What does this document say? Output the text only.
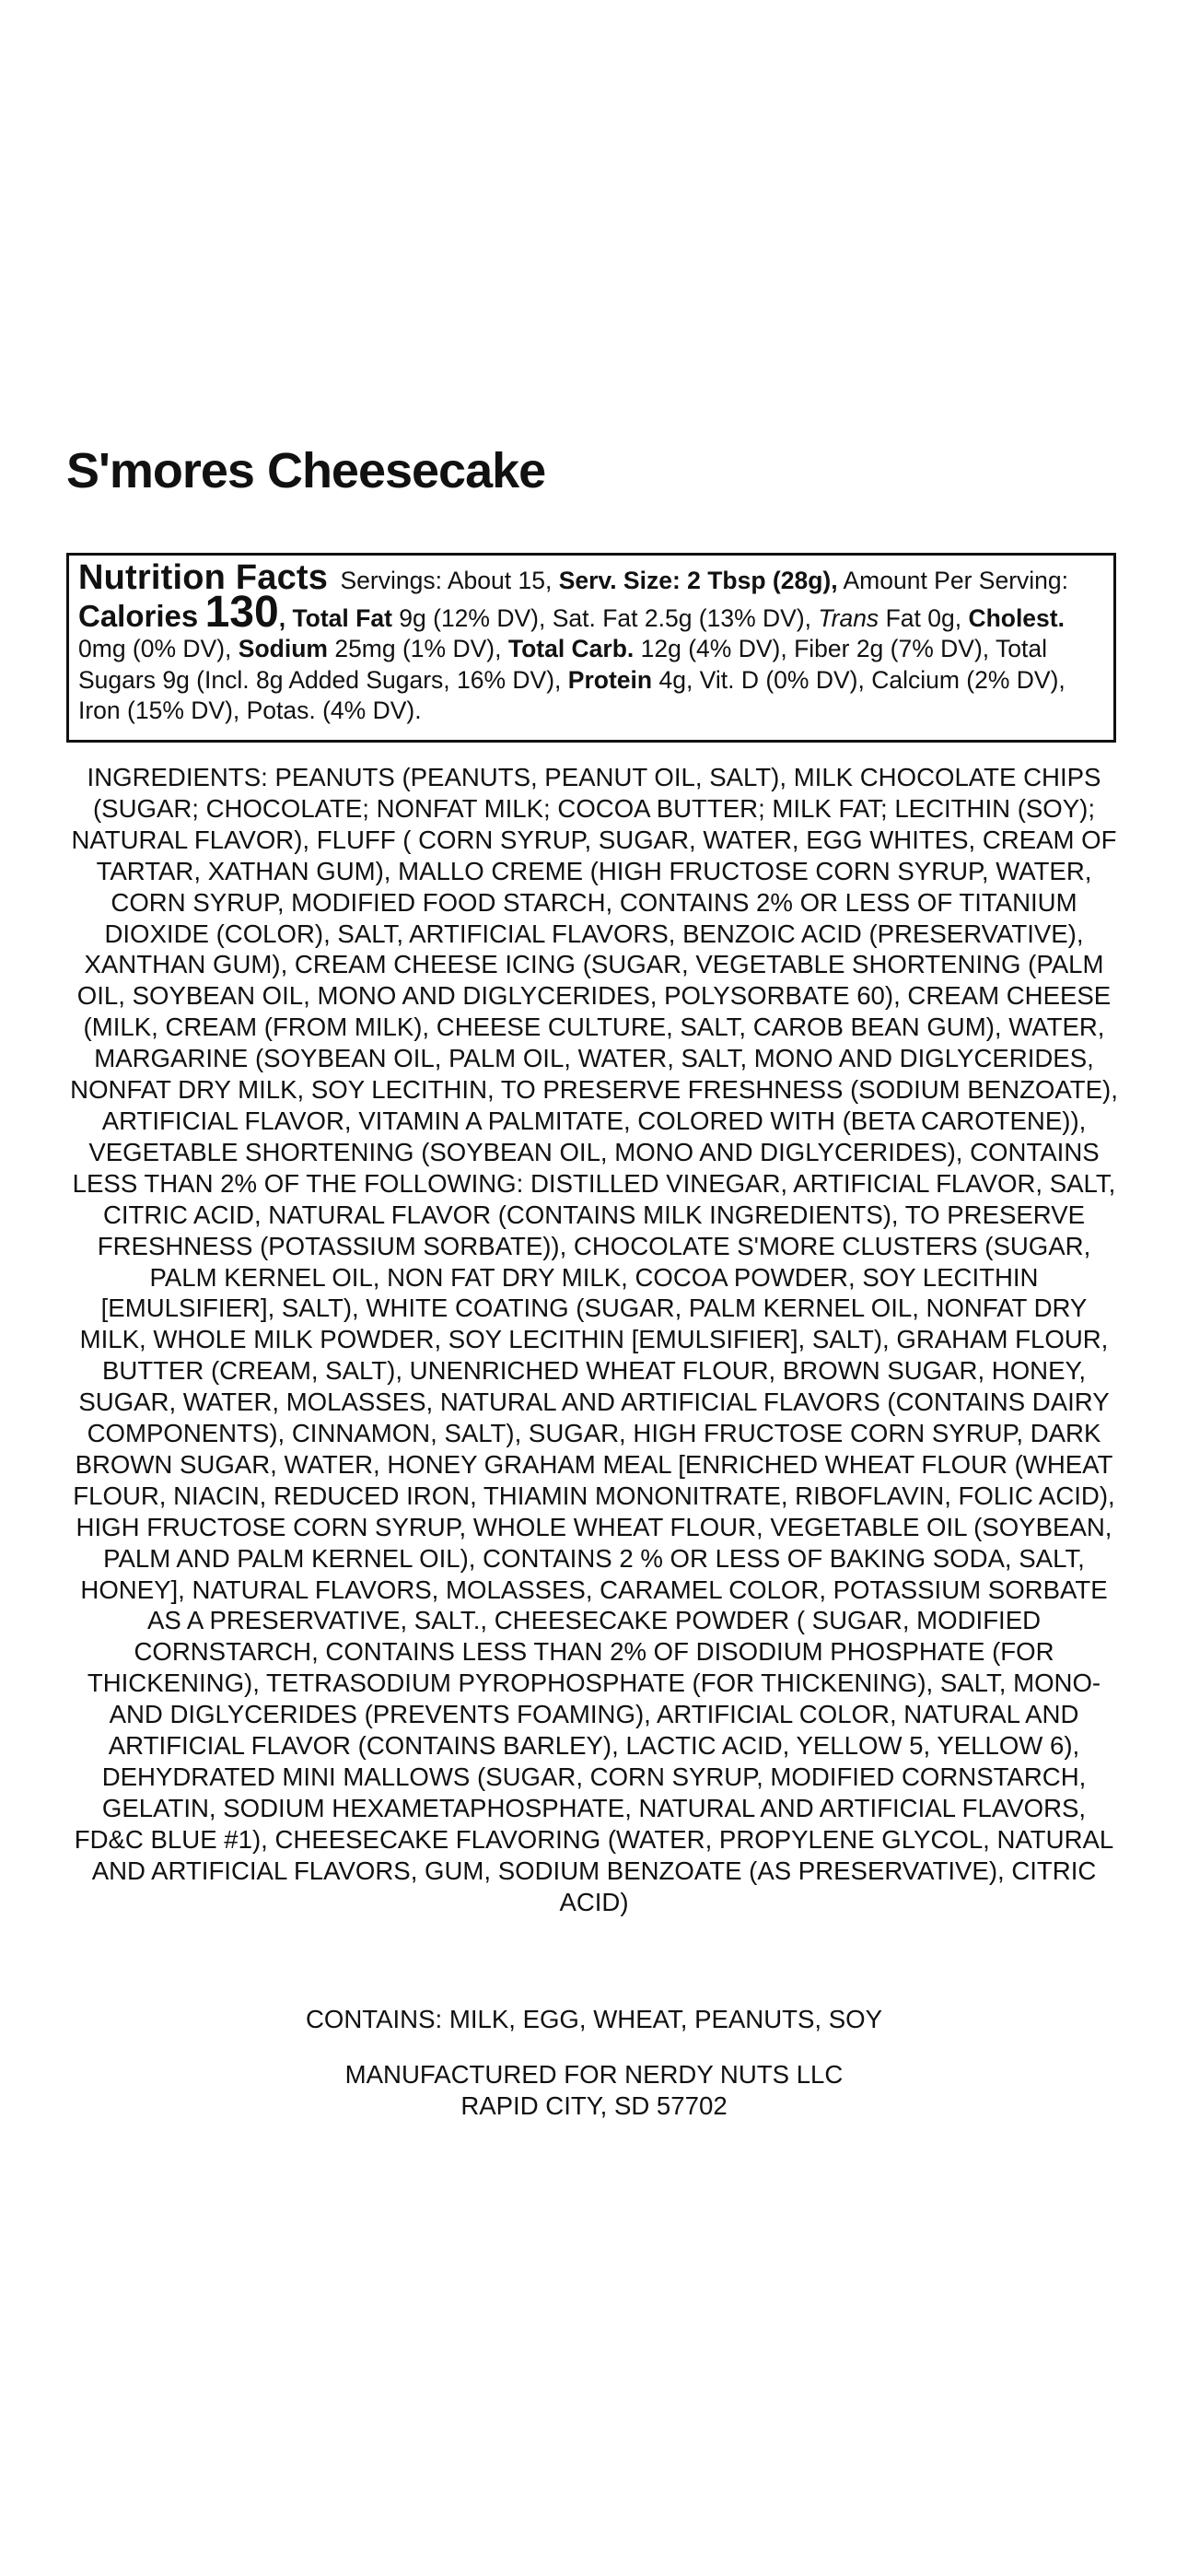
S'mores Cheesecake
Nutrition Facts Servings: About 15, Serv. Size: 2 Tbsp (28g), Amount Per Serving: Calories 130, Total Fat 9g (12% DV), Sat. Fat 2.5g (13% DV), Trans Fat 0g, Cholest. 0mg (0% DV), Sodium 25mg (1% DV), Total Carb. 12g (4% DV), Fiber 2g (7% DV), Total Sugars 9g (Incl. 8g Added Sugars, 16% DV), Protein 4g, Vit. D (0% DV), Calcium (2% DV), Iron (15% DV), Potas. (4% DV).

INGREDIENTS: PEANUTS (PEANUTS, PEANUT OIL, SALT), MILK CHOCOLATE CHIPS (SUGAR; CHOCOLATE; NONFAT MILK; COCOA BUTTER; MILK FAT; LECITHIN (SOY); NATURAL FLAVOR), FLUFF ( CORN SYRUP, SUGAR, WATER, EGG WHITES, CREAM OF TARTAR, XATHAN GUM), MALLO CREME (HIGH FRUCTOSE CORN SYRUP, WATER, CORN SYRUP, MODIFIED FOOD STARCH, CONTAINS 2% OR LESS OF TITANIUM DIOXIDE (COLOR), SALT, ARTIFICIAL FLAVORS, BENZOIC ACID (PRESERVATIVE), XANTHAN GUM), CREAM CHEESE ICING (SUGAR, VEGETABLE SHORTENING (PALM OIL, SOYBEAN OIL, MONO AND DIGLYCERIDES, POLYSORBATE 60), CREAM CHEESE (MILK, CREAM (FROM MILK), CHEESE CULTURE, SALT, CAROB BEAN GUM), WATER, MARGARINE (SOYBEAN OIL, PALM OIL, WATER, SALT, MONO AND DIGLYCERIDES, NONFAT DRY MILK, SOY LECITHIN, TO PRESERVE FRESHNESS (SODIUM BENZOATE), ARTIFICIAL FLAVOR, VITAMIN A PALMITATE, COLORED WITH (BETA CAROTENE)), VEGETABLE SHORTENING (SOYBEAN OIL, MONO AND DIGLYCERIDES), CONTAINS LESS THAN 2% OF THE FOLLOWING: DISTILLED VINEGAR, ARTIFICIAL FLAVOR, SALT, CITRIC ACID, NATURAL FLAVOR (CONTAINS MILK INGREDIENTS), TO PRESERVE FRESHNESS (POTASSIUM SORBATE)), CHOCOLATE S'MORE CLUSTERS (SUGAR, PALM KERNEL OIL, NON FAT DRY MILK, COCOA POWDER, SOY LECITHIN [EMULSIFIER], SALT), WHITE COATING (SUGAR, PALM KERNEL OIL, NONFAT DRY MILK, WHOLE MILK POWDER, SOY LECITHIN [EMULSIFIER], SALT), GRAHAM FLOUR, BUTTER (CREAM, SALT), UNENRICHED WHEAT FLOUR, BROWN SUGAR, HONEY, SUGAR, WATER, MOLASSES, NATURAL AND ARTIFICIAL FLAVORS (CONTAINS DAIRY COMPONENTS), CINNAMON, SALT), SUGAR, HIGH FRUCTOSE CORN SYRUP, DARK BROWN SUGAR, WATER, HONEY GRAHAM MEAL [ENRICHED WHEAT FLOUR (WHEAT FLOUR, NIACIN, REDUCED IRON, THIAMIN MONONITRATE, RIBOFLAVIN, FOLIC ACID), HIGH FRUCTOSE CORN SYRUP, WHOLE WHEAT FLOUR, VEGETABLE OIL (SOYBEAN, PALM AND PALM KERNEL OIL), CONTAINS 2 % OR LESS OF BAKING SODA, SALT, HONEY], NATURAL FLAVORS, MOLASSES, CARAMEL COLOR, POTASSIUM SORBATE AS A PRESERVATIVE, SALT., CHEESECAKE POWDER ( SUGAR, MODIFIED CORNSTARCH, CONTAINS LESS THAN 2% OF DISODIUM PHOSPHATE (FOR THICKENING), TETRASODIUM PYROPHOSPHATE (FOR THICKENING), SALT, MONO- AND DIGLYCERIDES (PREVENTS FOAMING), ARTIFICIAL COLOR, NATURAL AND ARTIFICIAL FLAVOR (CONTAINS BARLEY), LACTIC ACID, YELLOW 5, YELLOW 6), DEHYDRATED MINI MALLOWS (SUGAR, CORN SYRUP, MODIFIED CORNSTARCH, GELATIN, SODIUM HEXAMETAPHOSPHATE, NATURAL AND ARTIFICIAL FLAVORS, FD&C BLUE #1), CHEESECAKE FLAVORING (WATER, PROPYLENE GLYCOL, NATURAL AND ARTIFICIAL FLAVORS, GUM, SODIUM BENZOATE (AS PRESERVATIVE), CITRIC ACID)

CONTAINS: MILK, EGG, WHEAT, PEANUTS, SOY

MANUFACTURED FOR NERDY NUTS LLC
RAPID CITY, SD 57702
